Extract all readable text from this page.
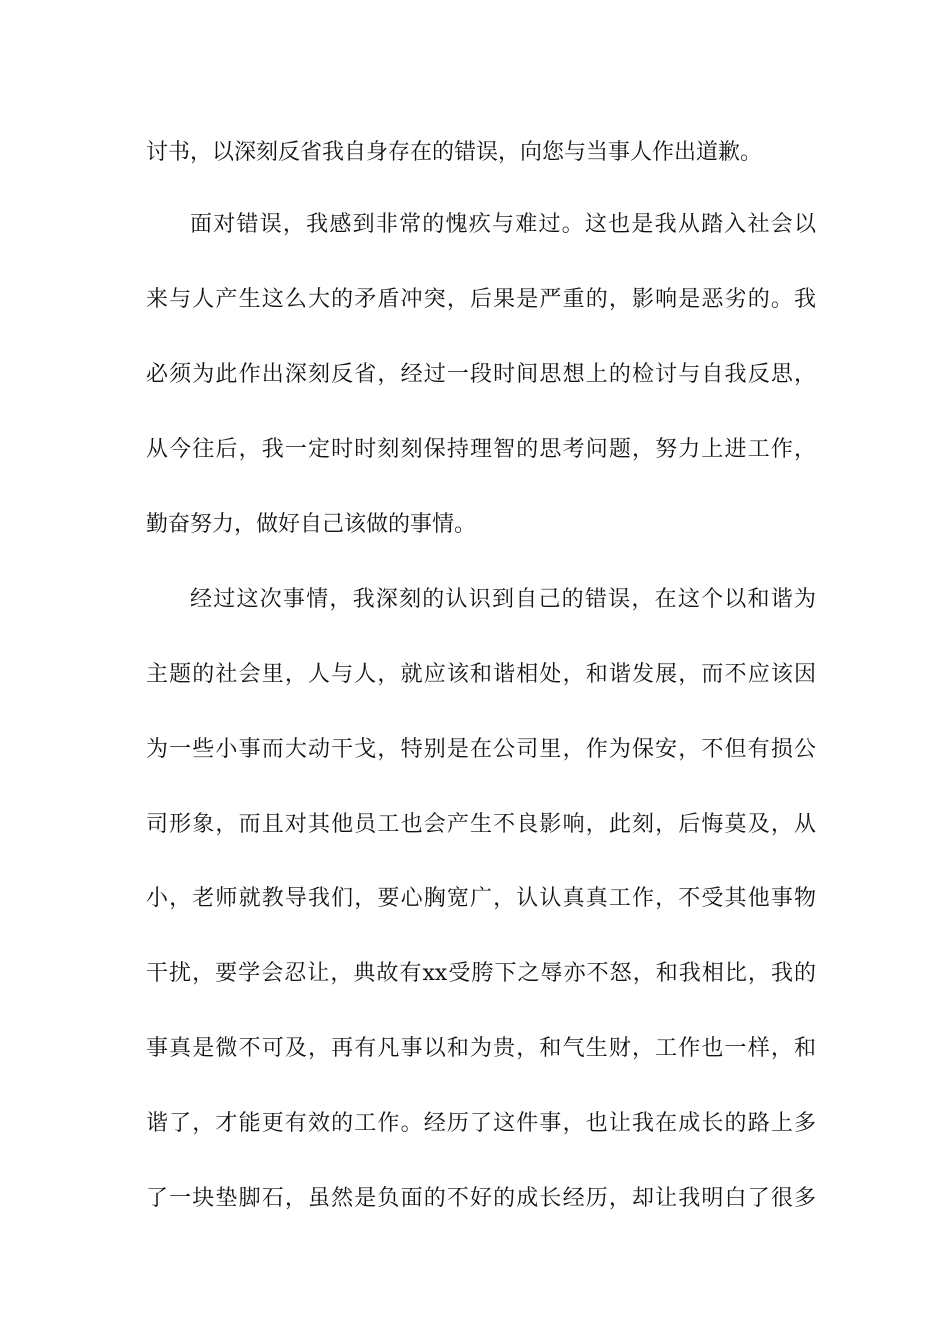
讨书，以深刻反省我自身存在的错误，向您与当事人作出道歉。
面对错误，我感到非常的愧疚与难过。这也是我从踏入社会以
来与人产生这么大的矛盾冲突，后果是严重的，影响是恶劣的。我
必须为此作出深刻反省，经过一段时间思想上的检讨与自我反思，
从今往后，我一定时时刻刻保持理智的思考问题，努力上进工作，
勤奋努力，做好自己该做的事情。
经过这次事情，我深刻的认识到自己的错误，在这个以和谐为
主题的社会里，人与人，就应该和谐相处，和谐发展，而不应该因
为一些小事而大动干戈，特别是在公司里，作为保安，不但有损公
司形象，而且对其他员工也会产生不良影响，此刻，后悔莫及，从
小，老师就教导我们，要心胸宽广，认认真真工作，不受其他事物
干扰，要学会忍让，典故有xx受胯下之辱亦不怒，和我相比，我的
事真是微不可及，再有凡事以和为贵，和气生财，工作也一样，和
谐了，才能更有效的工作。经历了这件事，也让我在成长的路上多
了一块垫脚石，虽然是负面的不好的成长经历，却让我明白了很多
